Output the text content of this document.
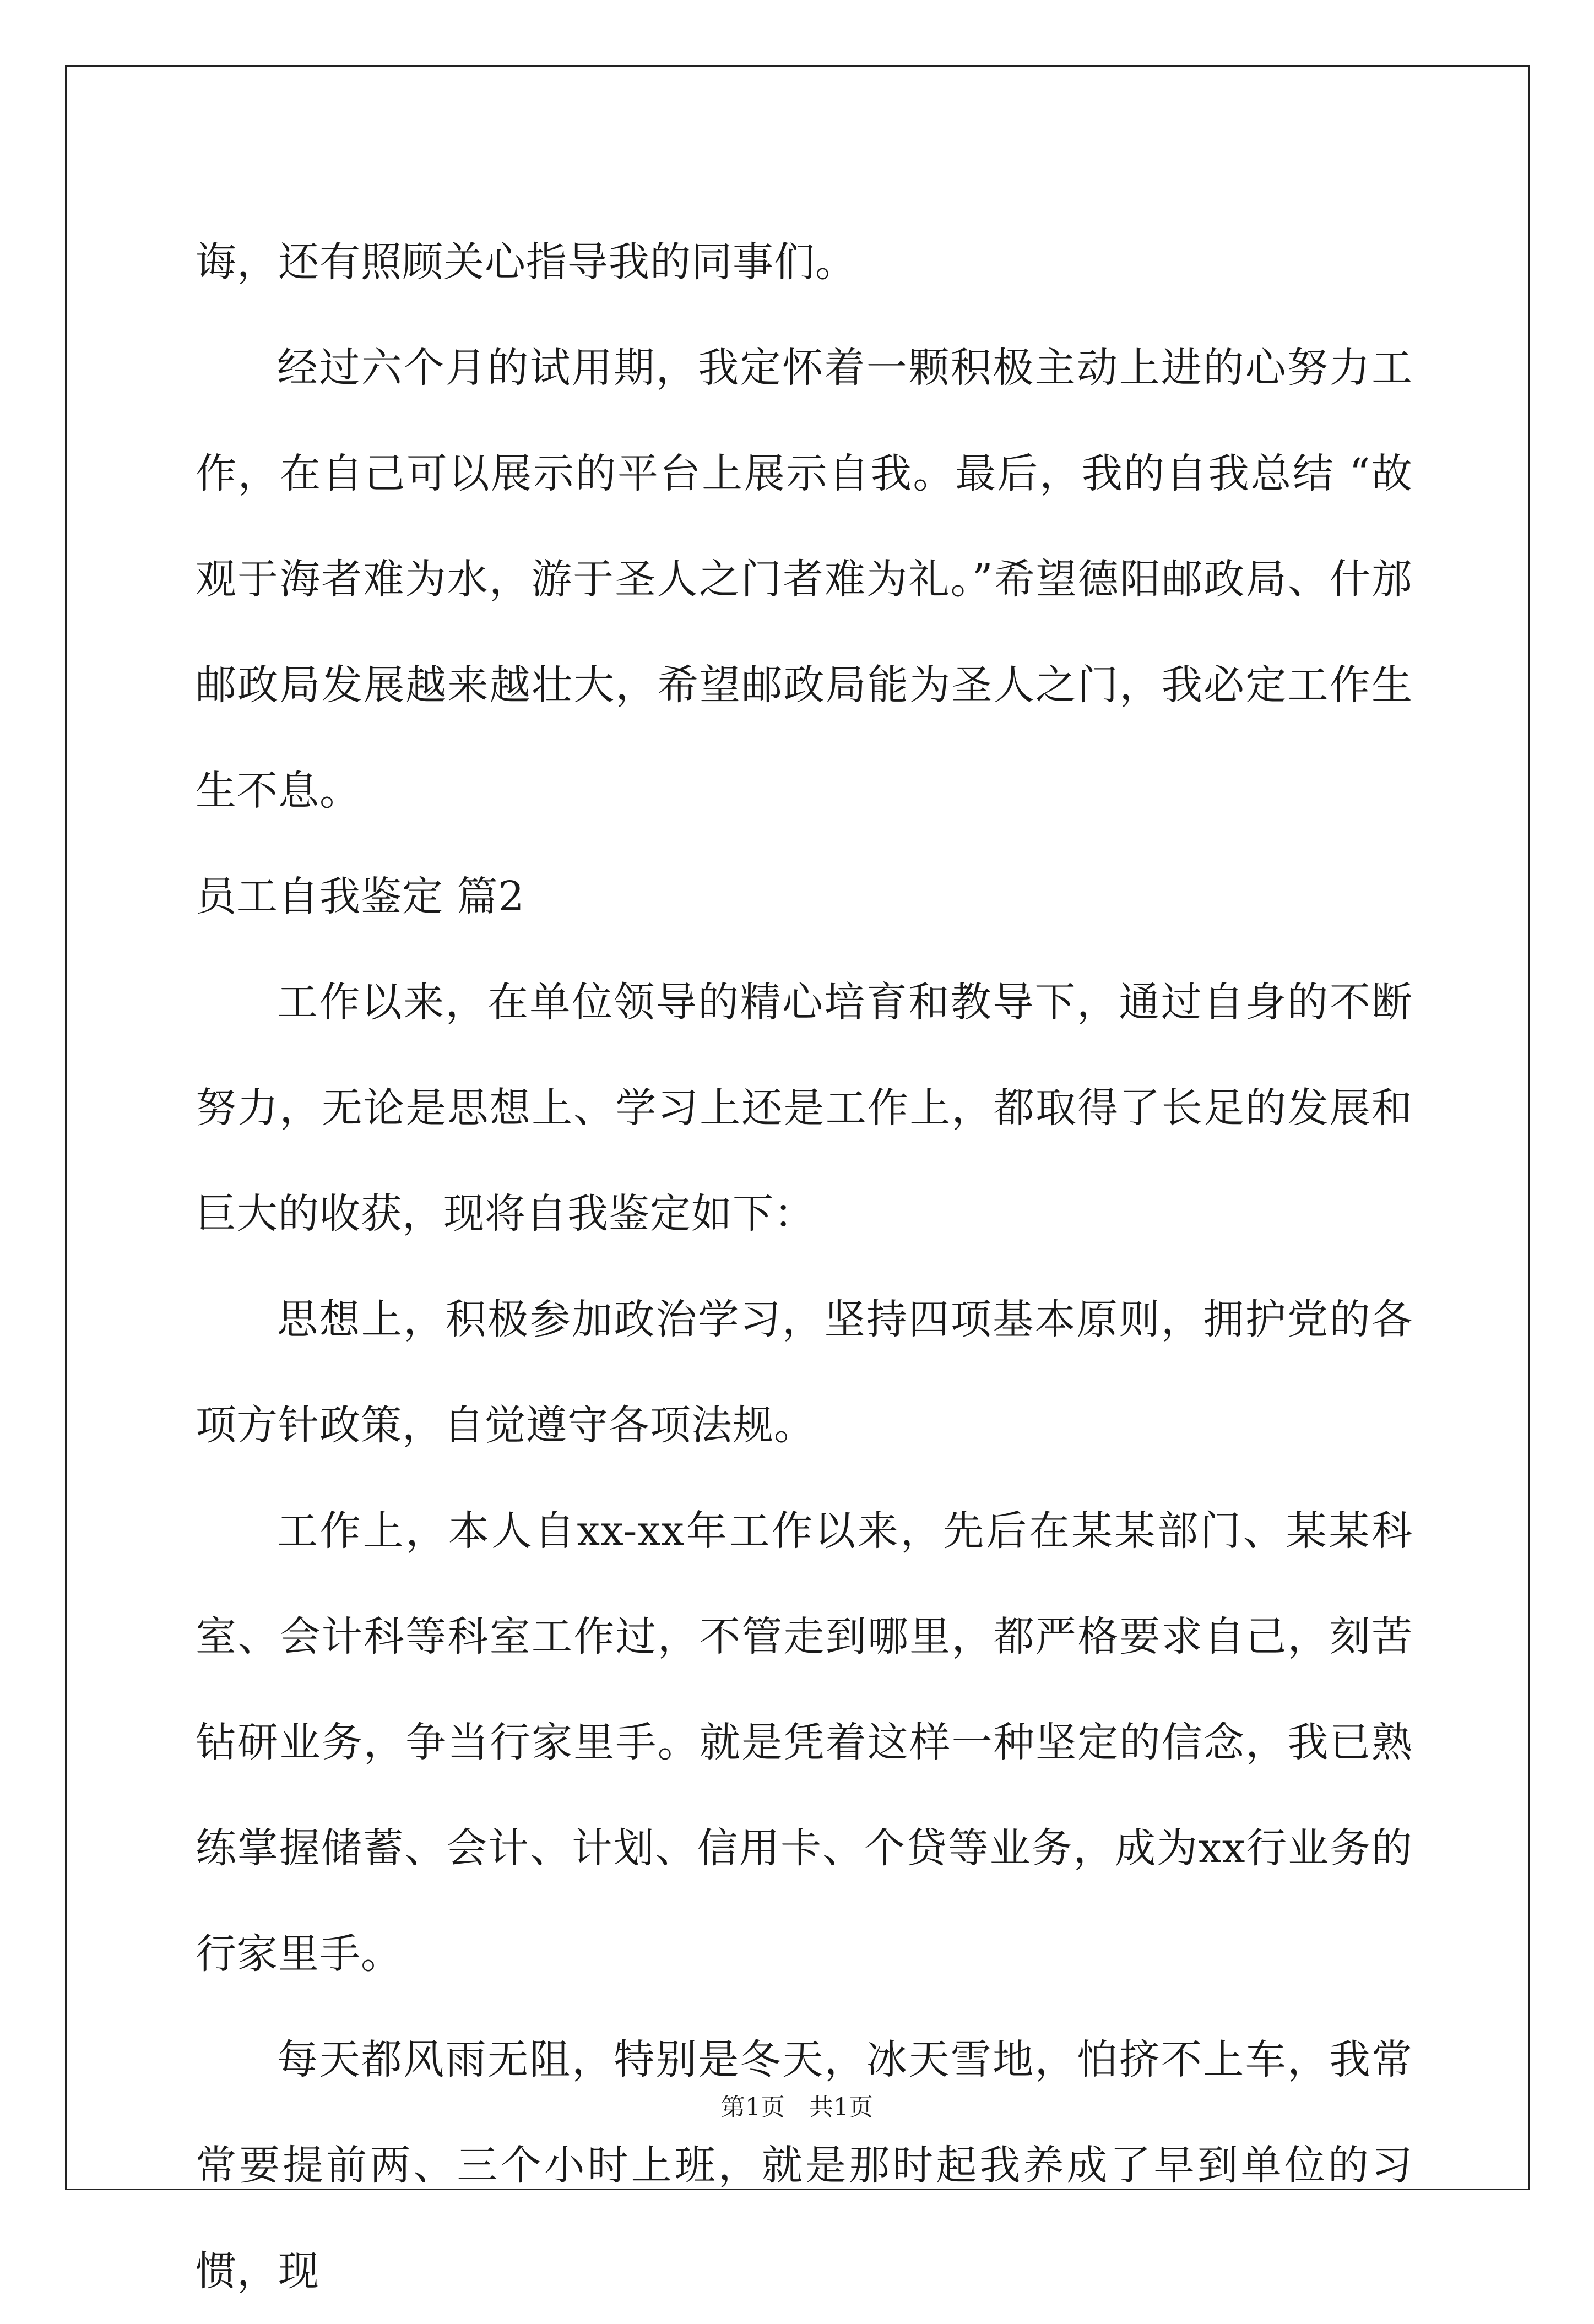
诲，还有照顾关心指导我的同事们。

经过六个月的试用期，我定怀着一颗积极主动上进的心努力工作，在自己可以展示的平台上展示自我。最后，我的自我总结 “故观于海者难为水，游于圣人之门者难为礼。”希望德阳邮政局、什邡邮政局发展越来越壮大，希望邮政局能为圣人之门，我必定工作生生不息。

员工自我鉴定 篇2

工作以来，在单位领导的精心培育和教导下，通过自身的不断努力，无论是思想上、学习上还是工作上，都取得了长足的发展和巨大的收获，现将自我鉴定如下：

思想上，积极参加政治学习，坚持四项基本原则，拥护党的各项方针政策，自觉遵守各项法规。

工作上，本人自xx-xx年工作以来，先后在某某部门、某某科室、会计科等科室工作过，不管走到哪里，都严格要求自己，刻苦钻研业务，争当行家里手。就是凭着这样一种坚定的信念，我已熟练掌握储蓄、会计、计划、信用卡、个贷等业务，成为xx行业务的行家里手。

每天都风雨无阻，特别是冬天，冰天雪地，怕挤不上车，我常常要提前两、三个小时上班，就是那时起我养成了早到单位的习惯，现

第1页　共1页
